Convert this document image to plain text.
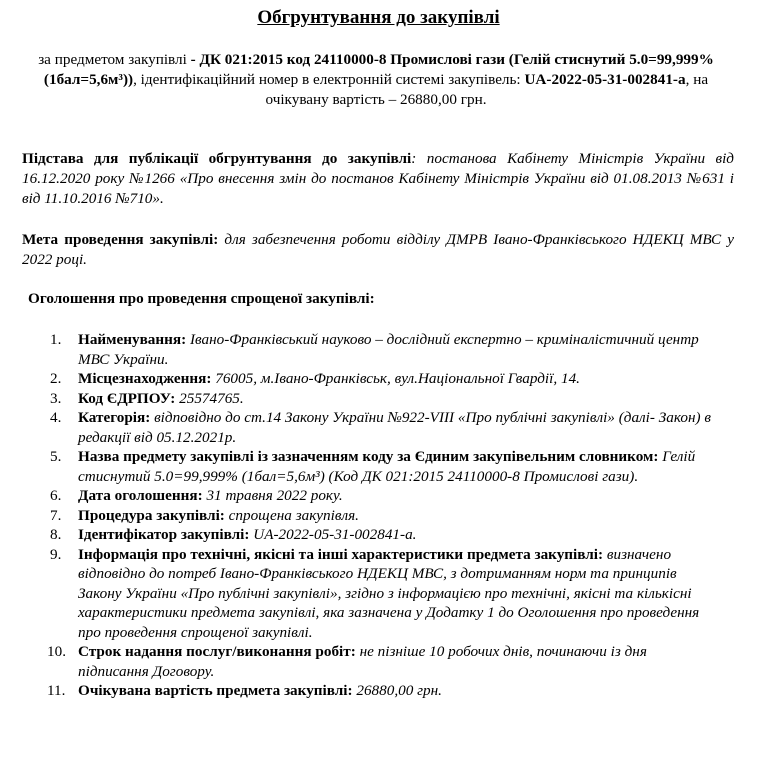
Обгрунтування до закупівлі
за предметом закупівлі - ДК 021:2015 код 24110000-8 Промислові гази (Гелій стиснутий 5.0=99,999% (1бал=5,6м³)), ідентифікаційний номер в електронній системі закупівель: UA-2022-05-31-002841-a, на очікувану вартість – 26880,00 грн.
Підстава для публікації обгрунтування до закупівлі: постанова Кабінету Міністрів України від 16.12.2020 року №1266 «Про внесення змін до постанов Кабінету Міністрів України від 01.08.2013 №631 і від 11.10.2016 №710».
Мета проведення закупівлі: для забезпечення роботи відділу ДМРВ Івано-Франківського НДЕКЦ МВС у 2022 році.
Оголошення про проведення спрощеної закупівлі:
1.	Найменування: Івано-Франківський науково – дослідний експертно – криміналістичний центр МВС України.
2.	Місцезнаходження: 76005, м.Івано-Франківськ, вул.Національної Гвардії, 14.
3.	Код ЄДРПОУ: 25574765.
4.	Категорія: відповідно до ст.14 Закону України №922-VIII «Про публічні закупівлі» (далі- Закон) в редакції від 05.12.2021р.
5.	Назва предмету закупівлі із зазначенням коду за Єдиним закупівельним словником: Гелій стиснутий 5.0=99,999% (1бал=5,6м³) (Код ДК 021:2015 24110000-8 Промислові гази).
6.	Дата оголошення: 31 травня 2022 року.
7.	Процедура закупівлі: спрощена закупівля.
8.	Ідентифікатор закупівлі: UA-2022-05-31-002841-a.
9.	Інформація про технічні, якісні та інші характеристики предмета закупівлі: визначено відповідно до потреб Івано-Франківського НДЕКЦ МВС, з дотриманням норм та принципів Закону України «Про публічні закупівлі», згідно з інформацією про технічні, якісні та кількісні характеристики предмета закупівлі, яка зазначена у Додатку 1 до Оголошення про проведення про проведення спрощеної закупівлі.
10. Строк надання послуг/виконання робіт: не пізніше 10 робочих днів, починаючи із дня підписання Договору.
11. Очікувана вартість предмета закупівлі: 26880,00 грн.
